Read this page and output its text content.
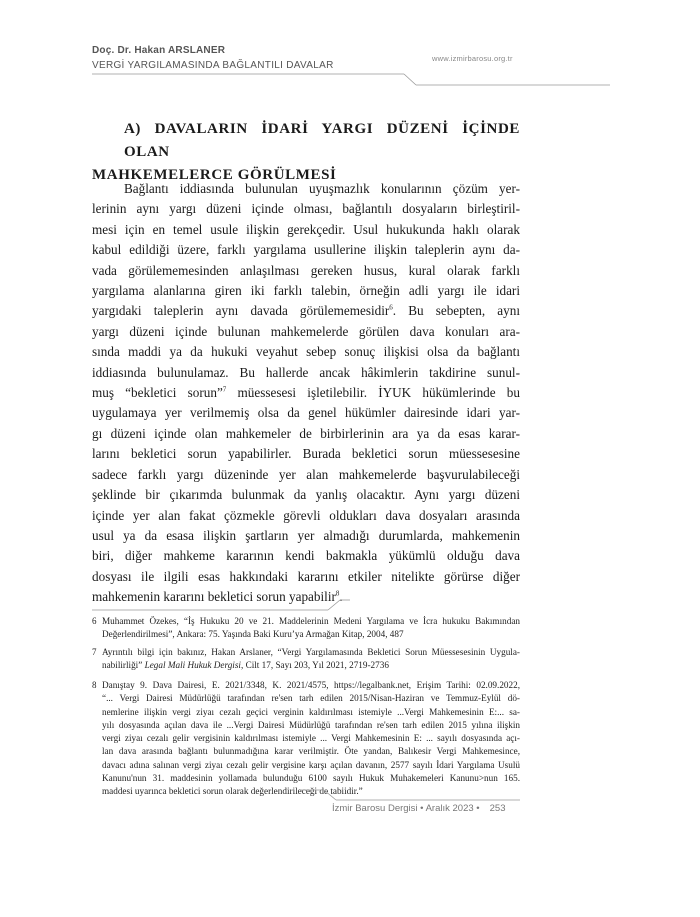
Doç. Dr. Hakan ARSLANER
VERGİ YARGILAMASINDA BAĞLANTILI DAVALAR
www.izmirbarosu.org.tr
A) DAVALARIN İDARİ YARGI DÜZENİ İÇİNDE OLAN
MAHKEMELERCE GÖRÜLMESİ
Bağlantı iddiasında bulunulan uyuşmazlık konularının çözüm yer-
lerinin aynı yargı düzeni içinde olması, bağlantılı dosyaların birleştiril-
mesi için en temel usule ilişkin gerekçedir. Usul hukukunda haklı olarak
kabul edildiği üzere, farklı yargılama usullerine ilişkin taleplerin aynı da-
vada görülememesinden anlaşılması gereken husus, kural olarak farklı
yargılama alanlarına giren iki farklı talebin, örneğin adli yargı ile idari
yargıdaki taleplerin aynı davada görülememesidir$^6$. Bu sebepten, aynı
yargı düzeni içinde bulunan mahkemelerde görülen dava konuları ara-
sında maddi ya da hukuki veyahut sebep sonuç ilişkisi olsa da bağlantı
iddiasında bulunulamaz. Bu hallerde ancak hâkimlerin takdirine sunul-
muş “bekletici sorun”$^7$ müessesesi işletilebilir. İYUK hükümlerinde bu
uygulamaya yer verilmemiş olsa da genel hükümler dairesinde idari yar-
gı düzeni içinde olan mahkemeler de birbirlerinin ara ya da esas karar-
larını bekletici sorun yapabilirler. Burada bekletici sorun müessesesine
sadece farklı yargı düzeninde yer alan mahkemelerde başvurulabileceği
şeklinde bir çıkarımda bulunmak da yanlış olacaktır. Aynı yargı düzeni
içinde yer alan fakat çözmekle görevli oldukları dava dosyaları arasında
usul ya da esasa ilişkin şartların yer almadığı durumlarda, mahkemenin
biri, diğer mahkeme kararının kendi bakmakla yükümlü olduğu dava
dosyası ile ilgili esas hakkındaki kararını etkiler nitelikte görürse diğer
mahkemenin kararını bekletici sorun yapabilir$^8$.
6 Muhammet Özekes, “İş Hukuku 20 ve 21. Maddelerinin Medeni Yargılama ve İcra hukuku Bakımından
Değerlendirilmesi”, Ankara: 75. Yaşında Baki Kuru’ya Armağan Kitap, 2004, 487
7 Ayrıntılı bilgi için bakınız, Hakan Arslaner, “Vergi Yargılamasında Bekletici Sorun Müessesesinin Uygula-
nabilirliği” Legal Mali Hukuk Dergisi, Cilt 17, Sayı 203, Yıl 2021, 2719-2736
8 Danıştay 9. Dava Dairesi, E. 2021/3348, K. 2021/4575, https://legalbank.net, Erişim Tarihi: 02.09.2022,
“... Vergi Dairesi Müdürlüğü tarafından re'sen tarh edilen 2015/Nisan-Haziran ve Temmuz-Eylül dö-
nemlerine ilişkin vergi ziyaı cezalı geçici verginin kaldırılması istemiyle ...Vergi Mahkemesinin E:... sa-
yılı dosyasında açılan dava ile ...Vergi Dairesi Müdürlüğü tarafından re'sen tarh edilen 2015 yılına ilişkin
vergi ziyaı cezalı gelir vergisinin kaldırılması istemiyle ... Vergi Mahkemesinin E: ... sayılı dosyasında açı-
lan dava arasında bağlantı bulunmadığına karar verilmiştir. Öte yandan, Balıkesir Vergi Mahkemesince,
davacı adına salınan vergi ziyaı cezalı gelir vergisine karşı açılan davanın, 2577 sayılı İdari Yargılama Usulü
Kanunu'nun 31. maddesinin yollamada bulunduğu 6100 sayılı Hukuk Muhakemeleri Kanunu>nun 165.
maddesi uyarınca bekletici sorun olarak değerlendirileceği de tabiidir.”
İzmir Barosu Dergisi • Aralık 2023 • 253
